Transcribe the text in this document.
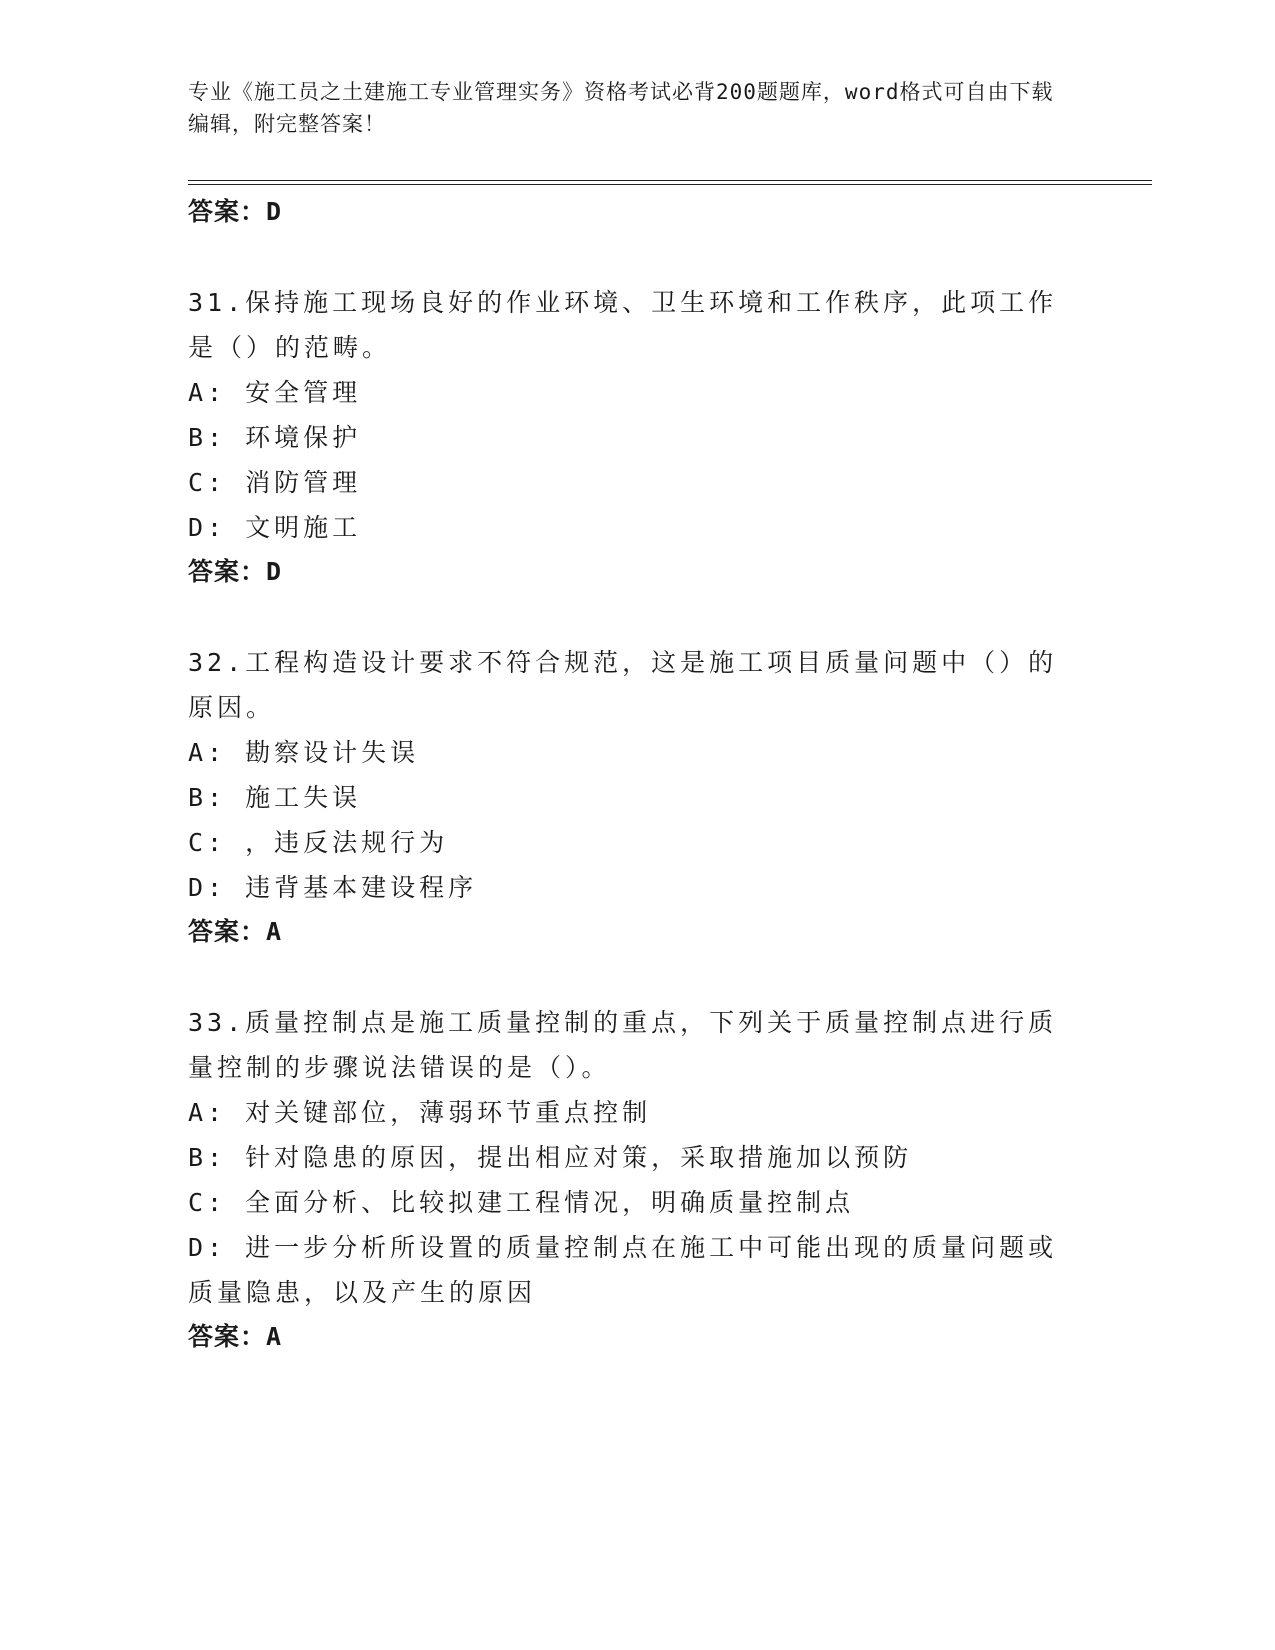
专业《施工员之土建施工专业管理实务》资格考试必背200题题库，word格式可自由下载编辑，附完整答案！
答案：D
31.保持施工现场良好的作业环境、卫生环境和工作秩序，此项工作是（）的范畴。
A: 安全管理
B: 环境保护
C: 消防管理
D: 文明施工
答案：D
32.工程构造设计要求不符合规范，这是施工项目质量问题中（）的原因。
A: 勘察设计失误
B: 施工失误
C: ，违反法规行为
D: 违背基本建设程序
答案：A
33.质量控制点是施工质量控制的重点，下列关于质量控制点进行质量控制的步骤说法错误的是（）。
A: 对关键部位，薄弱环节重点控制
B: 针对隐患的原因，提出相应对策，采取措施加以预防
C: 全面分析、比较拟建工程情况，明确质量控制点
D: 进一步分析所设置的质量控制点在施工中可能出现的质量问题或质量隐患，以及产生的原因
答案：A
